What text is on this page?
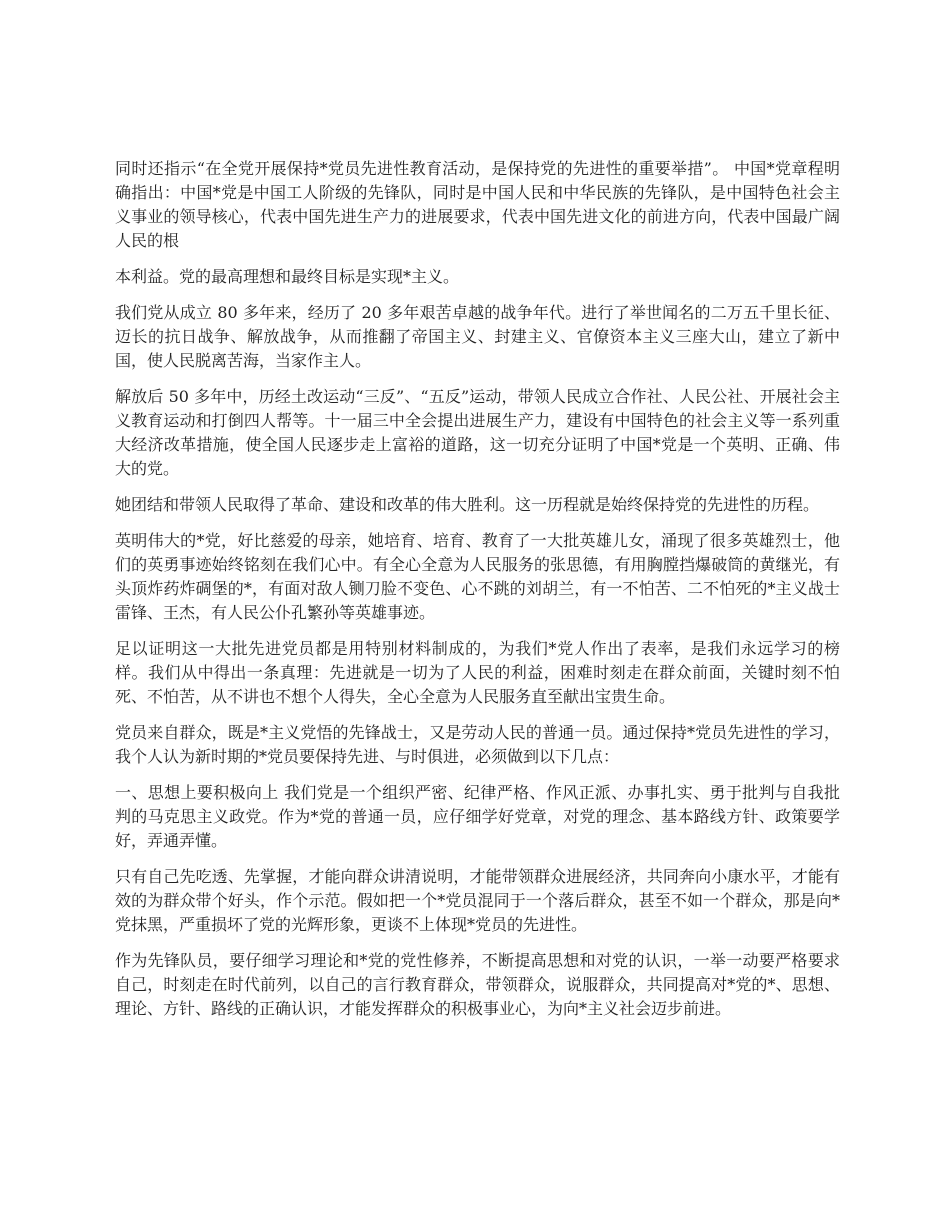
同时还指示“在全党开展保持*党员先进性教育活动，是保持党的先进性的重要举措”。 中国*党章程明确指出：中国*党是中国工人阶级的先锋队，同时是中国人民和中华民族的先锋队，是中国特色社会主义事业的领导核心，代表中国先进生产力的进展要求，代表中国先进文化的前进方向，代表中国最广阔人民的根

本利益。党的最高理想和最终目标是实现*主义。

我们党从成立 80 多年来，经历了 20 多年艰苦卓越的战争年代。进行了举世闻名的二万五千里长征、迈长的抗日战争、解放战争，从而推翻了帝国主义、封建主义、官僚资本主义三座大山，建立了新中国，使人民脱离苦海，当家作主人。

解放后 50 多年中，历经土改运动“三反”、“五反”运动，带领人民成立合作社、人民公社、开展社会主义教育运动和打倒四人帮等。十一届三中全会提出进展生产力，建设有中国特色的社会主义等一系列重大经济改革措施，使全国人民逐步走上富裕的道路，这一切充分证明了中国*党是一个英明、正确、伟大的党。

她团结和带领人民取得了革命、建设和改革的伟大胜利。这一历程就是始终保持党的先进性的历程。

英明伟大的*党，好比慈爱的母亲，她培育、培育、教育了一大批英雄儿女，涌现了很多英雄烈士，他们的英勇事迹始终铭刻在我们心中。有全心全意为人民服务的张思德，有用胸膛挡爆破筒的黄继光，有头顶炸药炸碉堡的*，有面对敌人铡刀脸不变色、心不跳的刘胡兰，有一不怕苦、二不怕死的*主义战士雷锋、王杰，有人民公仆孔繁孙等英雄事迹。

足以证明这一大批先进党员都是用特别材料制成的，为我们*党人作出了表率，是我们永远学习的榜样。我们从中得出一条真理：先进就是一切为了人民的利益，困难时刻走在群众前面，关键时刻不怕死、不怕苦，从不讲也不想个人得失，全心全意为人民服务直至献出宝贵生命。

党员来自群众，既是*主义党悟的先锋战士，又是劳动人民的普通一员。通过保持*党员先进性的学习，我个人认为新时期的*党员要保持先进、与时俱进，必须做到以下几点：

一、思想上要积极向上 我们党是一个组织严密、纪律严格、作风正派、办事扎实、勇于批判与自我批判的马克思主义政党。作为*党的普通一员，应仔细学好党章，对党的理念、基本路线方针、政策要学好，弄通弄懂。

只有自己先吃透、先掌握，才能向群众讲清说明，才能带领群众进展经济，共同奔向小康水平，才能有效的为群众带个好头，作个示范。假如把一个*党员混同于一个落后群众，甚至不如一个群众，那是向*党抹黑，严重损坏了党的光辉形象，更谈不上体现*党员的先进性。

作为先锋队员，要仔细学习理论和*党的党性修养，不断提高思想和对党的认识，一举一动要严格要求自己，时刻走在时代前列，以自己的言行教育群众，带领群众，说服群众，共同提高对*党的*、思想、理论、方针、路线的正确认识，才能发挥群众的积极事业心，为向*主义社会迈步前进。
